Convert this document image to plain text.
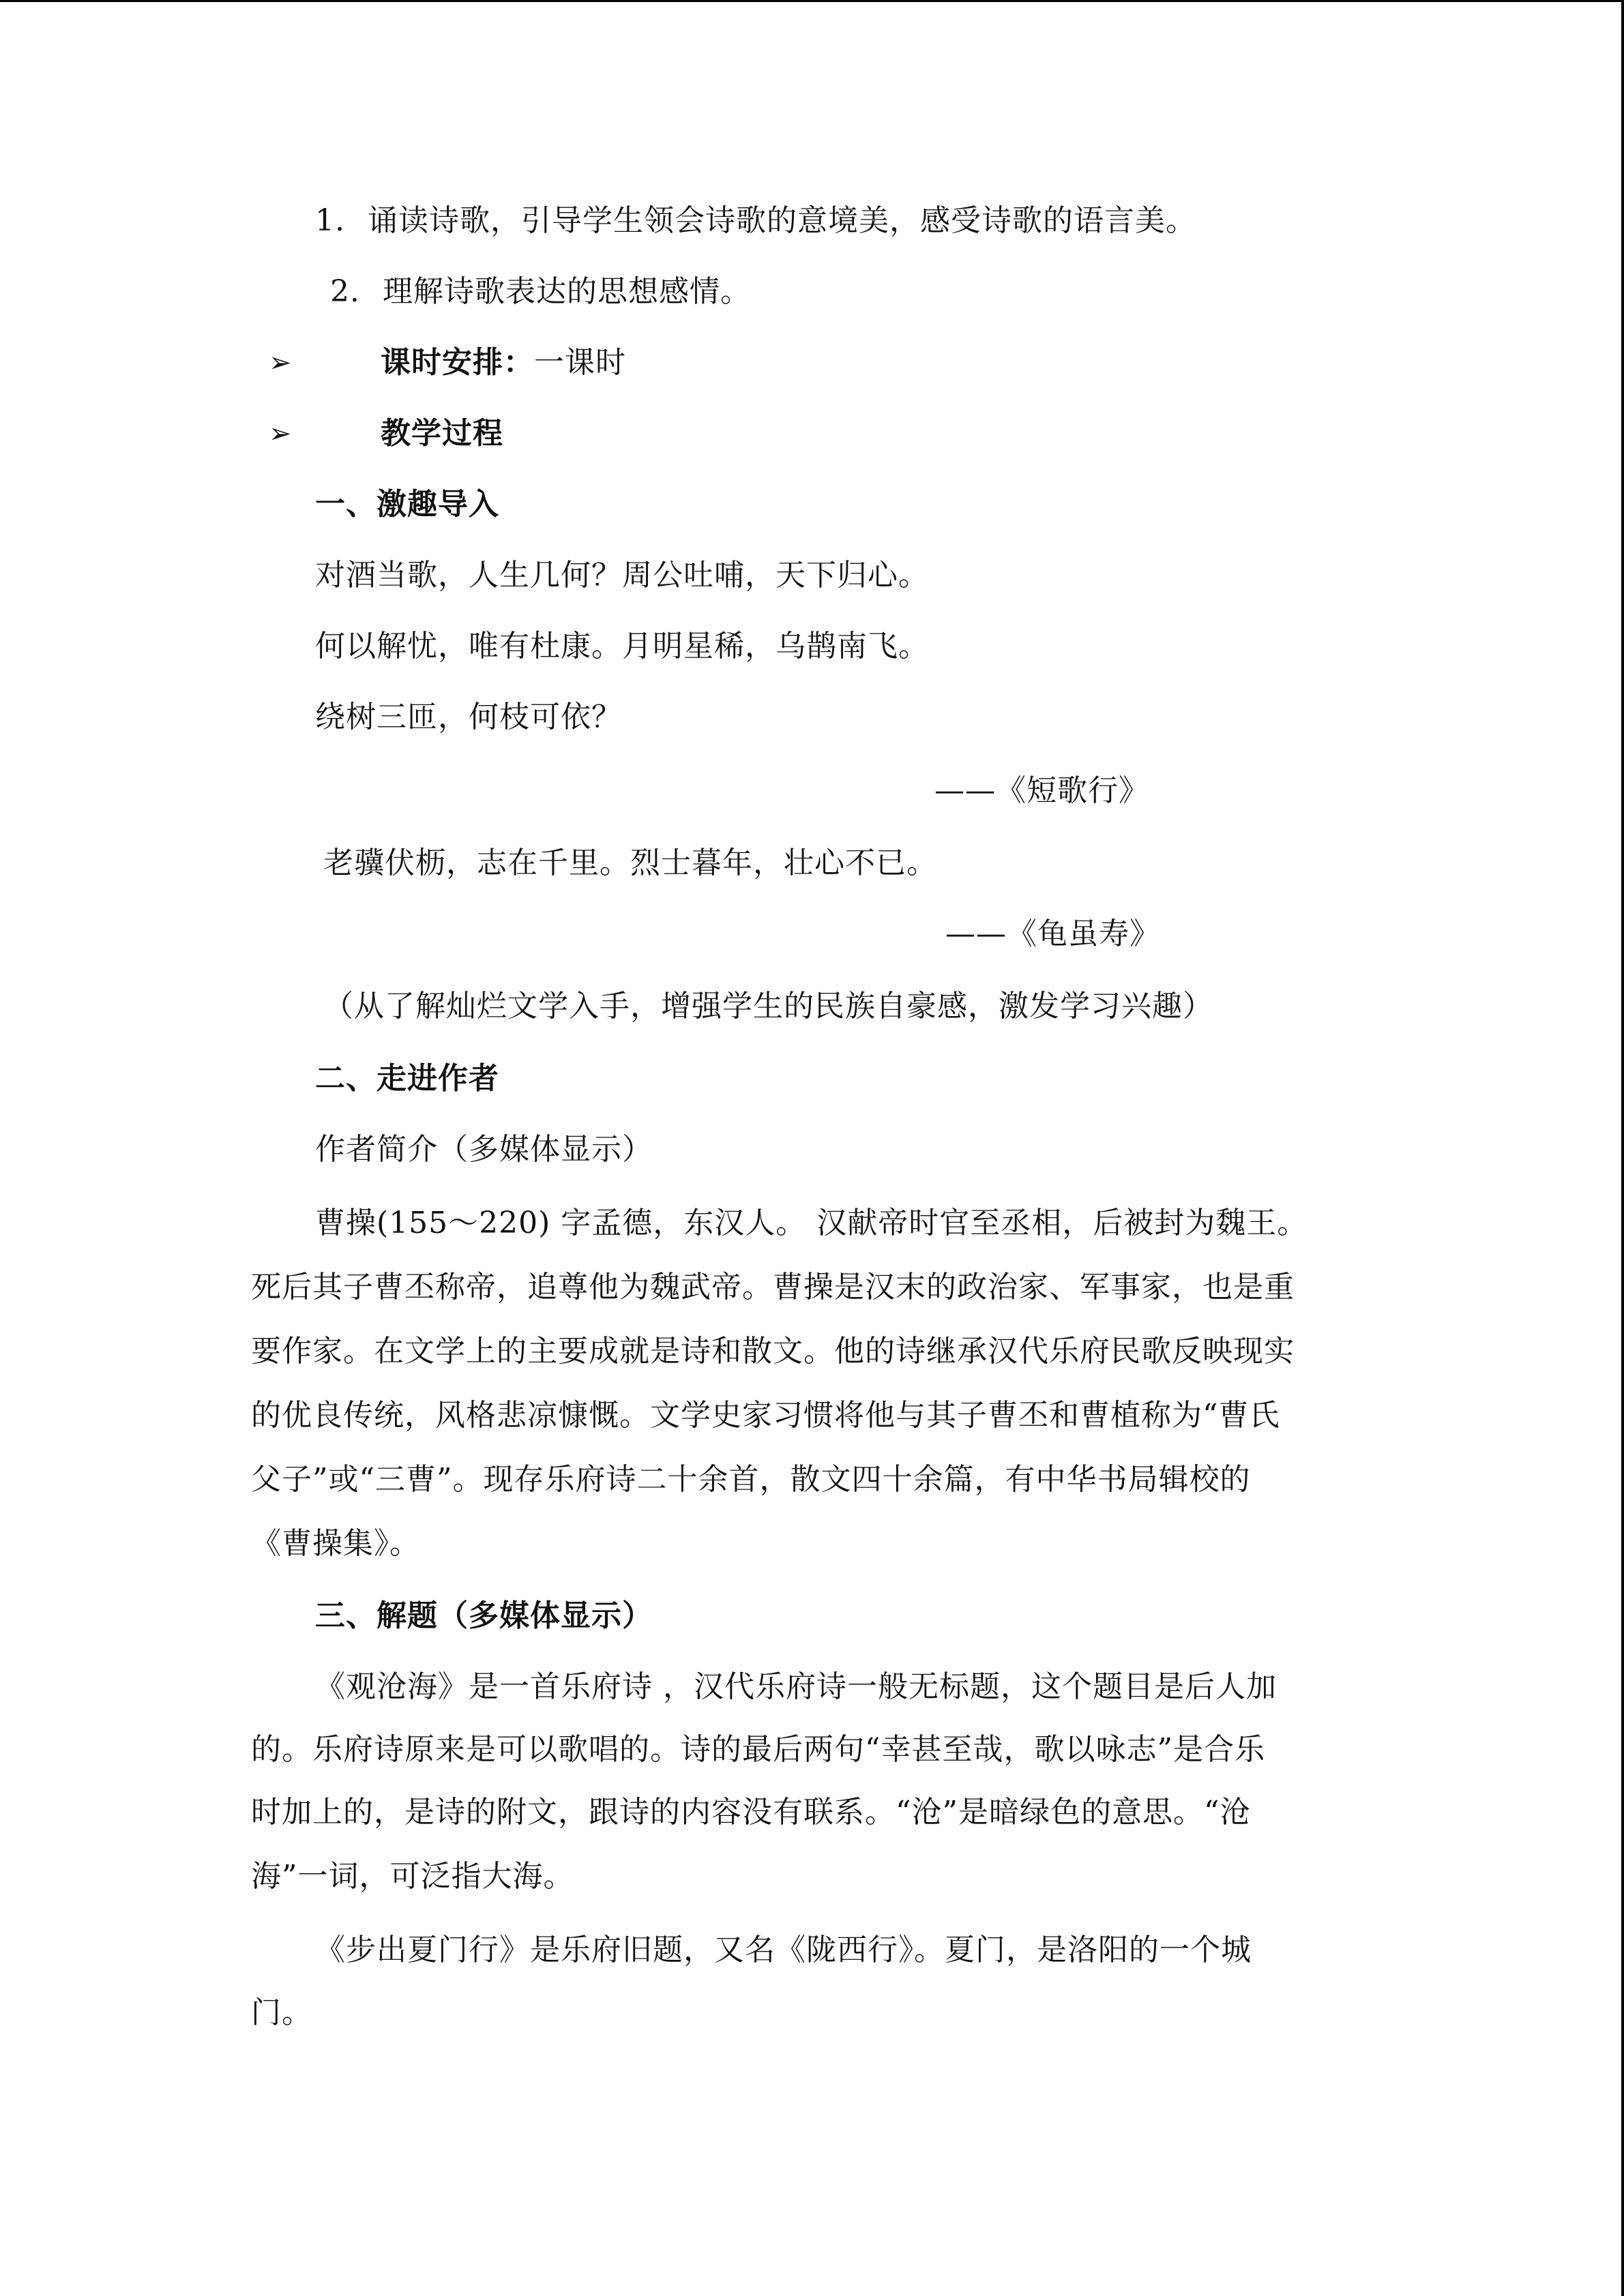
1. 诵读诗歌，引导学生领会诗歌的意境美，感受诗歌的语言美。
2. 理解诗歌表达的思想感情。
➢	课时安排：一课时
➢	教学过程
一、激趣导入
对酒当歌，人生几何？周公吐哺，天下归心。
何以解忧，唯有杜康。月明星稀，乌鹊南飞。
绕树三匝，何枝可依？
——《短歌行》
老骥伏枥，志在千里。烈士暮年，壮心不已。
——《龟虽寿》
（从了解灿烂文学入手，增强学生的民族自豪感，激发学习兴趣）
二、走进作者
作者简介（多媒体显示）
曹操(155～220) 字孟德，东汉人。 汉献帝时官至丞相，后被封为魏王。
死后其子曹丕称帝，追尊他为魏武帝。曹操是汉末的政治家、军事家，也是重
要作家。在文学上的主要成就是诗和散文。他的诗继承汉代乐府民歌反映现实
的优良传统，风格悲凉慷慨。文学史家习惯将他与其子曹丕和曹植称为“曹氏
父子”或“三曹”。现存乐府诗二十余首，散文四十余篇，有中华书局辑校的
《曹操集》。
三、解题（多媒体显示）
《观沧海》是一首乐府诗 ，汉代乐府诗一般无标题，这个题目是后人加
的。乐府诗原来是可以歌唱的。诗的最后两句“幸甚至哉，歌以咏志”是合乐
时加上的，是诗的附文，跟诗的内容没有联系。“沧”是暗绿色的意思。“沧
海”一词，可泛指大海。
《步出夏门行》是乐府旧题，又名《陇西行》。夏门，是洛阳的一个城
门。
